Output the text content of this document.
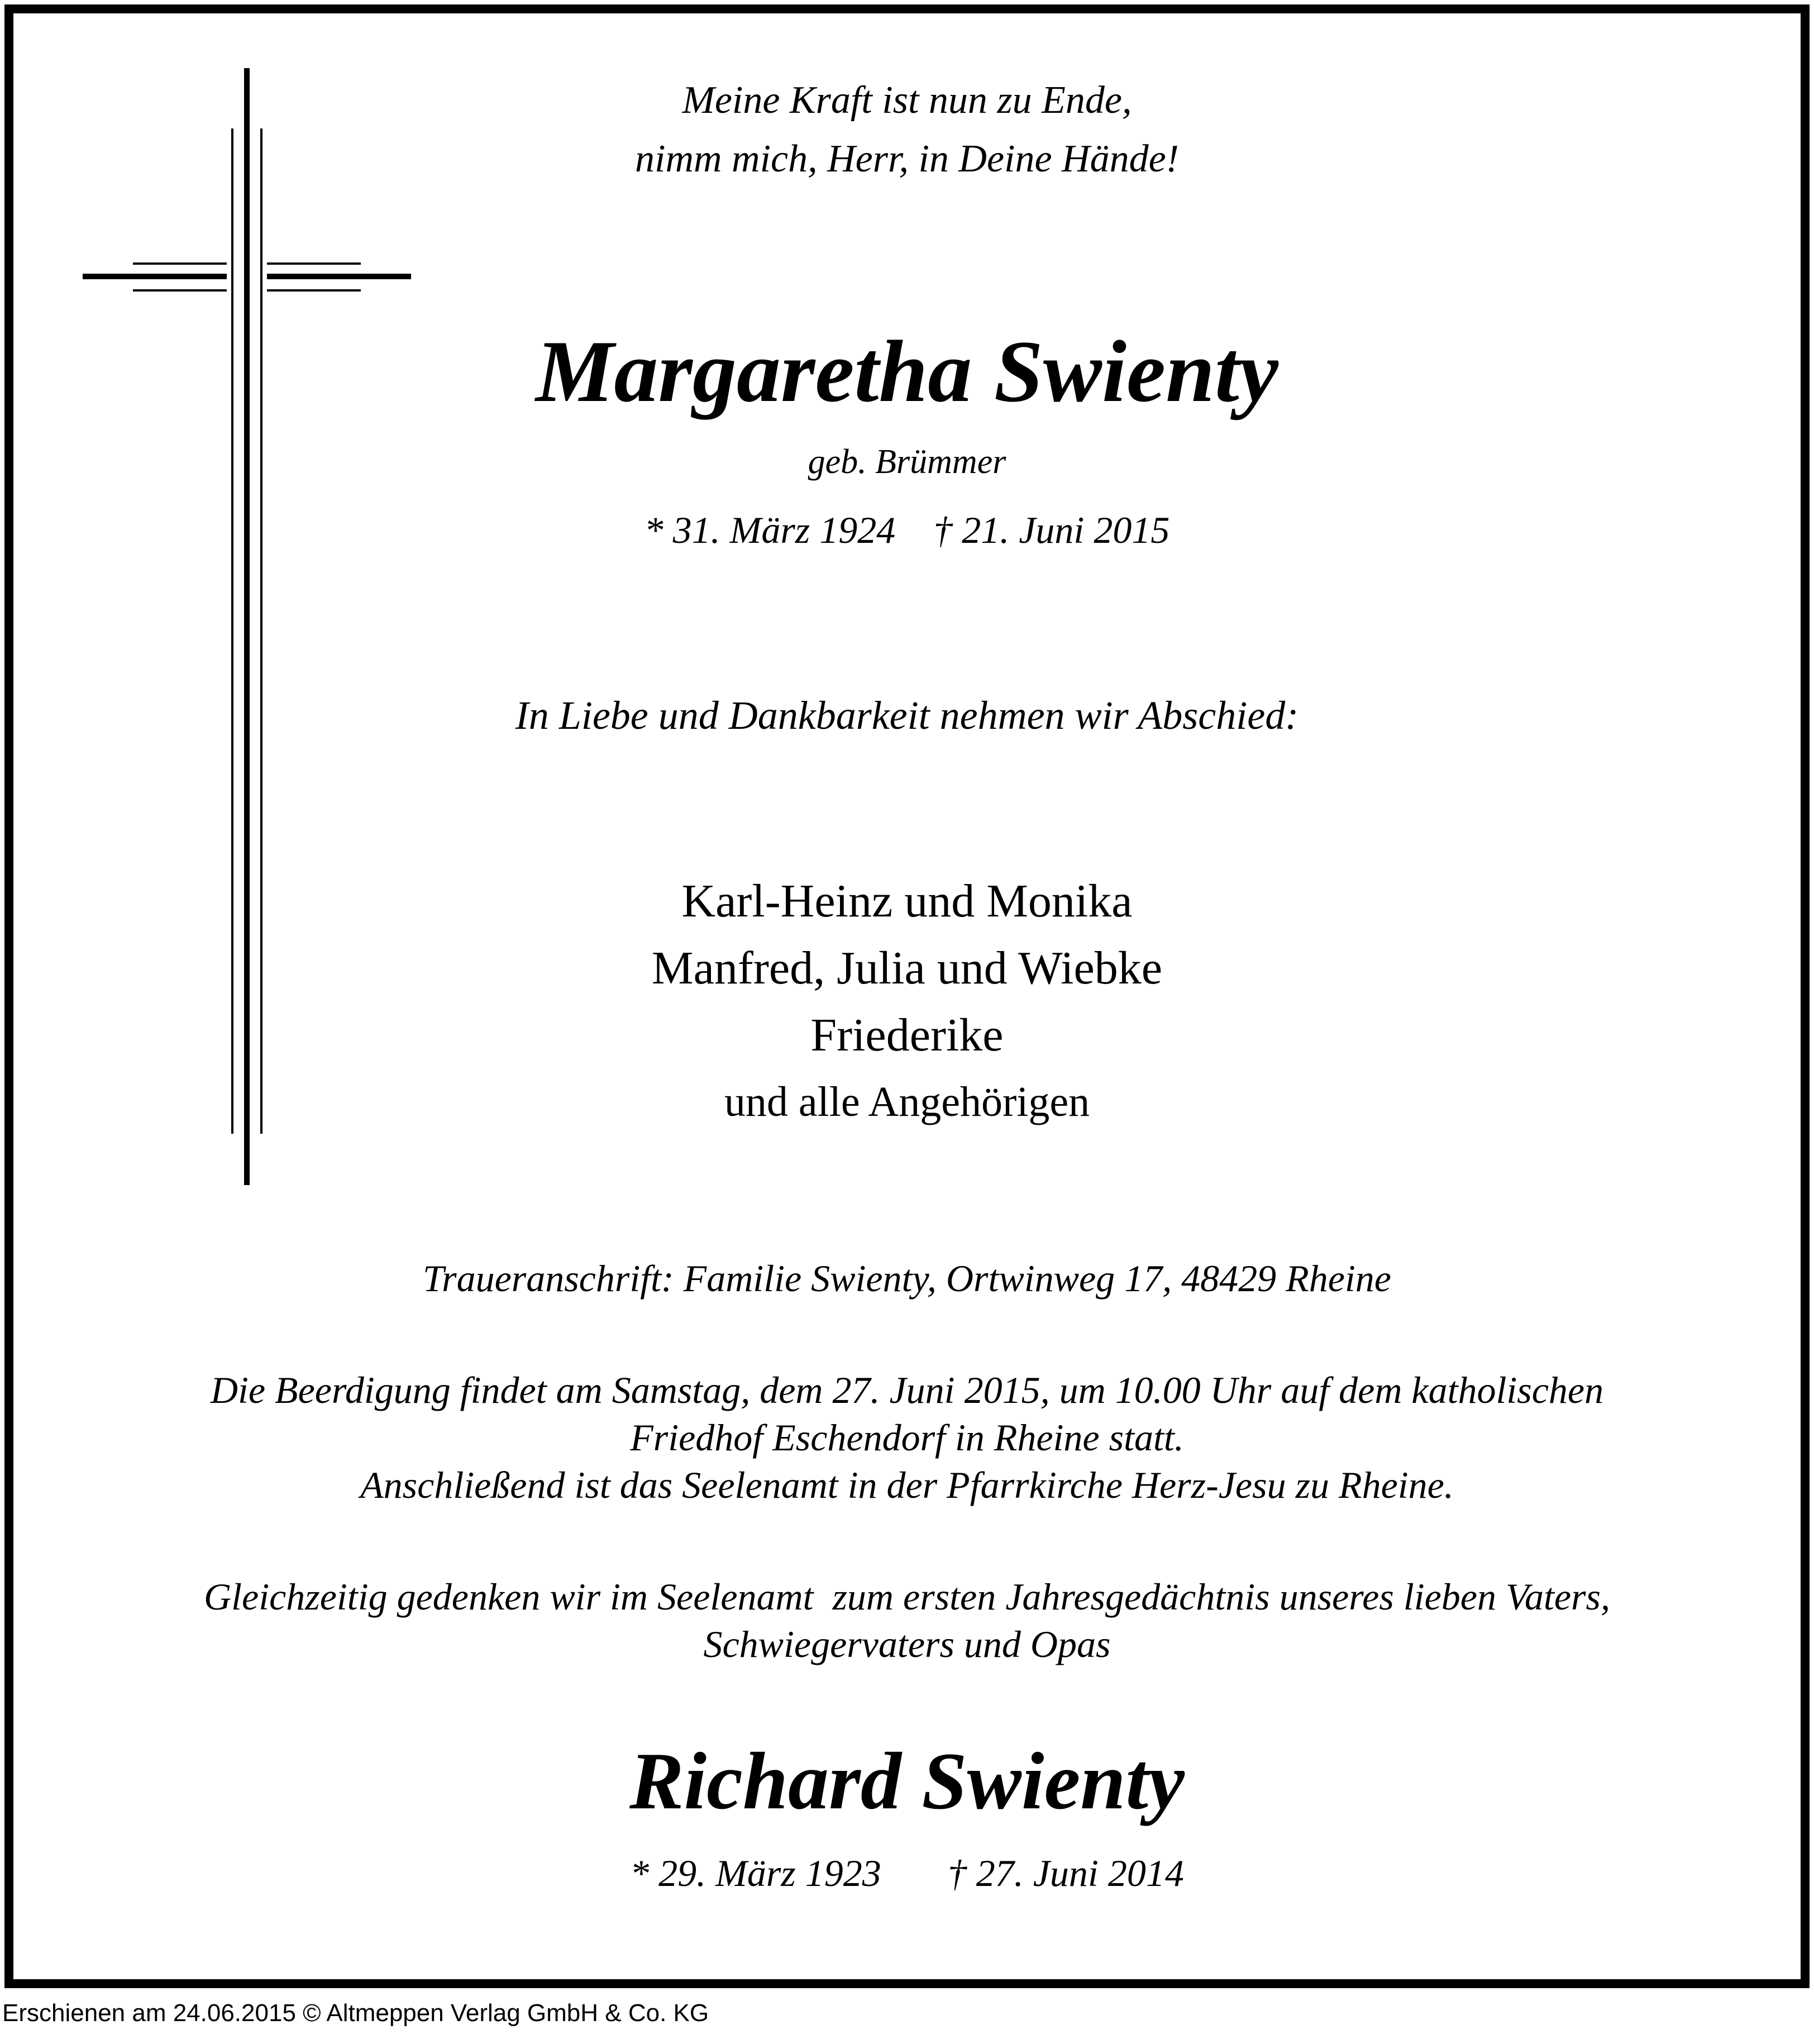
Meine Kraft ist nun zu Ende,
nimm mich, Herr, in Deine Hände!
Margaretha Swienty
geb. Brümmer
* 31. März 1924    † 21. Juni 2015
In Liebe und Dankbarkeit nehmen wir Abschied:
Karl-Heinz und Monika
Manfred, Julia und Wiebke
Friederike
und alle Angehörigen
Traueranschrift: Familie Swienty, Ortwinweg 17, 48429 Rheine
Die Beerdigung findet am Samstag, dem 27. Juni 2015, um 10.00 Uhr auf dem katholischen
Friedhof Eschendorf in Rheine statt.
Anschließend ist das Seelenamt in der Pfarrkirche Herz-Jesu zu Rheine.
Gleichzeitig gedenken wir im Seelenamt  zum ersten Jahresgedächtnis unseres lieben Vaters,
Schwiegervaters und Opas
Richard Swienty
* 29. März 1923       † 27. Juni 2014
Erschienen am 24.06.2015 © Altmeppen Verlag GmbH & Co. KG
